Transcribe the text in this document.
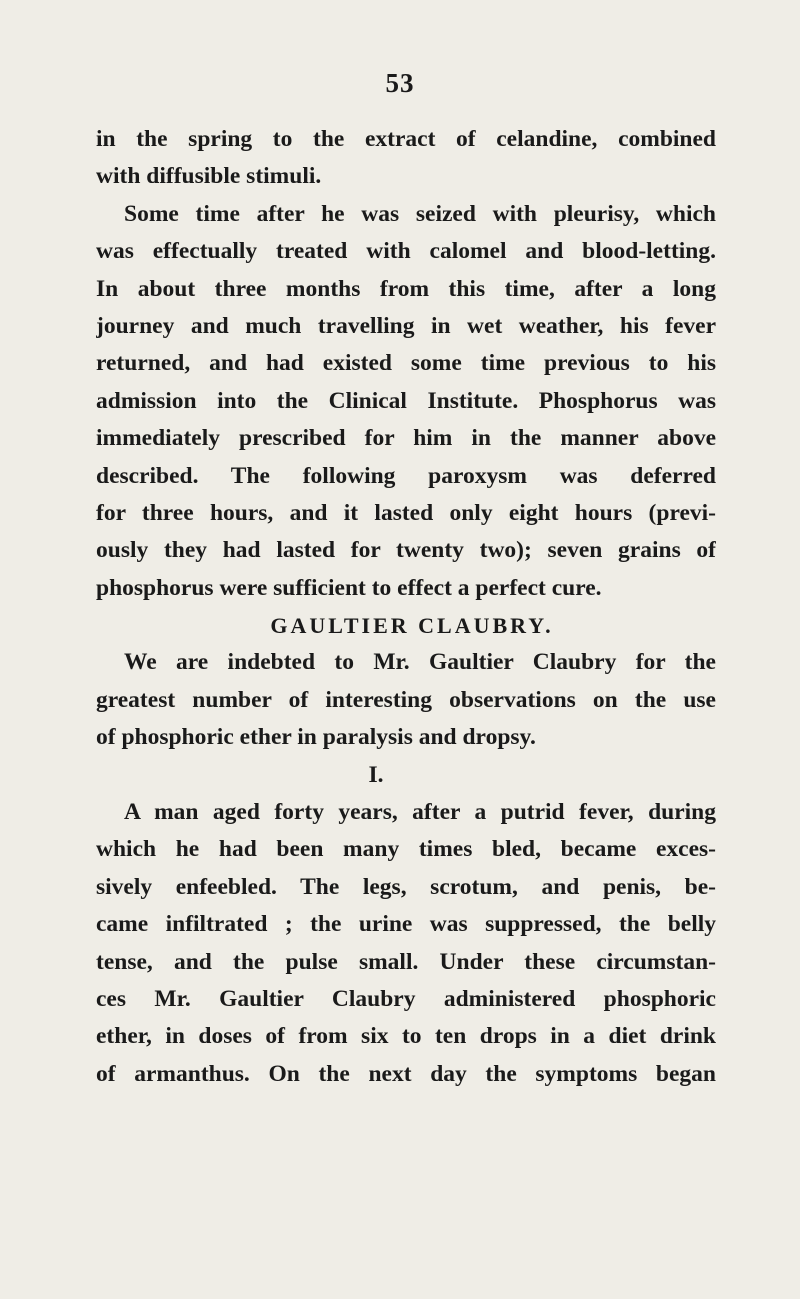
53
in the spring to the extract of celandine, combined
with diffusible stimuli.
Some time after he was seized with pleurisy, which
was effectually treated with calomel and blood-letting.
In about three months from this time, after a long
journey and much travelling in wet weather, his fever
returned, and had existed some time previous to his
admission into the Clinical Institute. Phosphorus was
immediately prescribed for him in the manner above
described. The following paroxysm was deferred
for three hours, and it lasted only eight hours (previ-
ously they had lasted for twenty two); seven grains of
phosphorus were sufficient to effect a perfect cure.
GAULTIER CLAUBRY.
We are indebted to Mr. Gaultier Claubry for the
greatest number of interesting observations on the use
of phosphoric ether in paralysis and dropsy.
I.
A man aged forty years, after a putrid fever, during
which he had been many times bled, became exces-
sively enfeebled. The legs, scrotum, and penis, be-
came infiltrated ; the urine was suppressed, the belly
tense, and the pulse small. Under these circumstan-
ces Mr. Gaultier Claubry administered phosphoric
ether, in doses of from six to ten drops in a diet drink
of armanthus. On the next day the symptoms began
